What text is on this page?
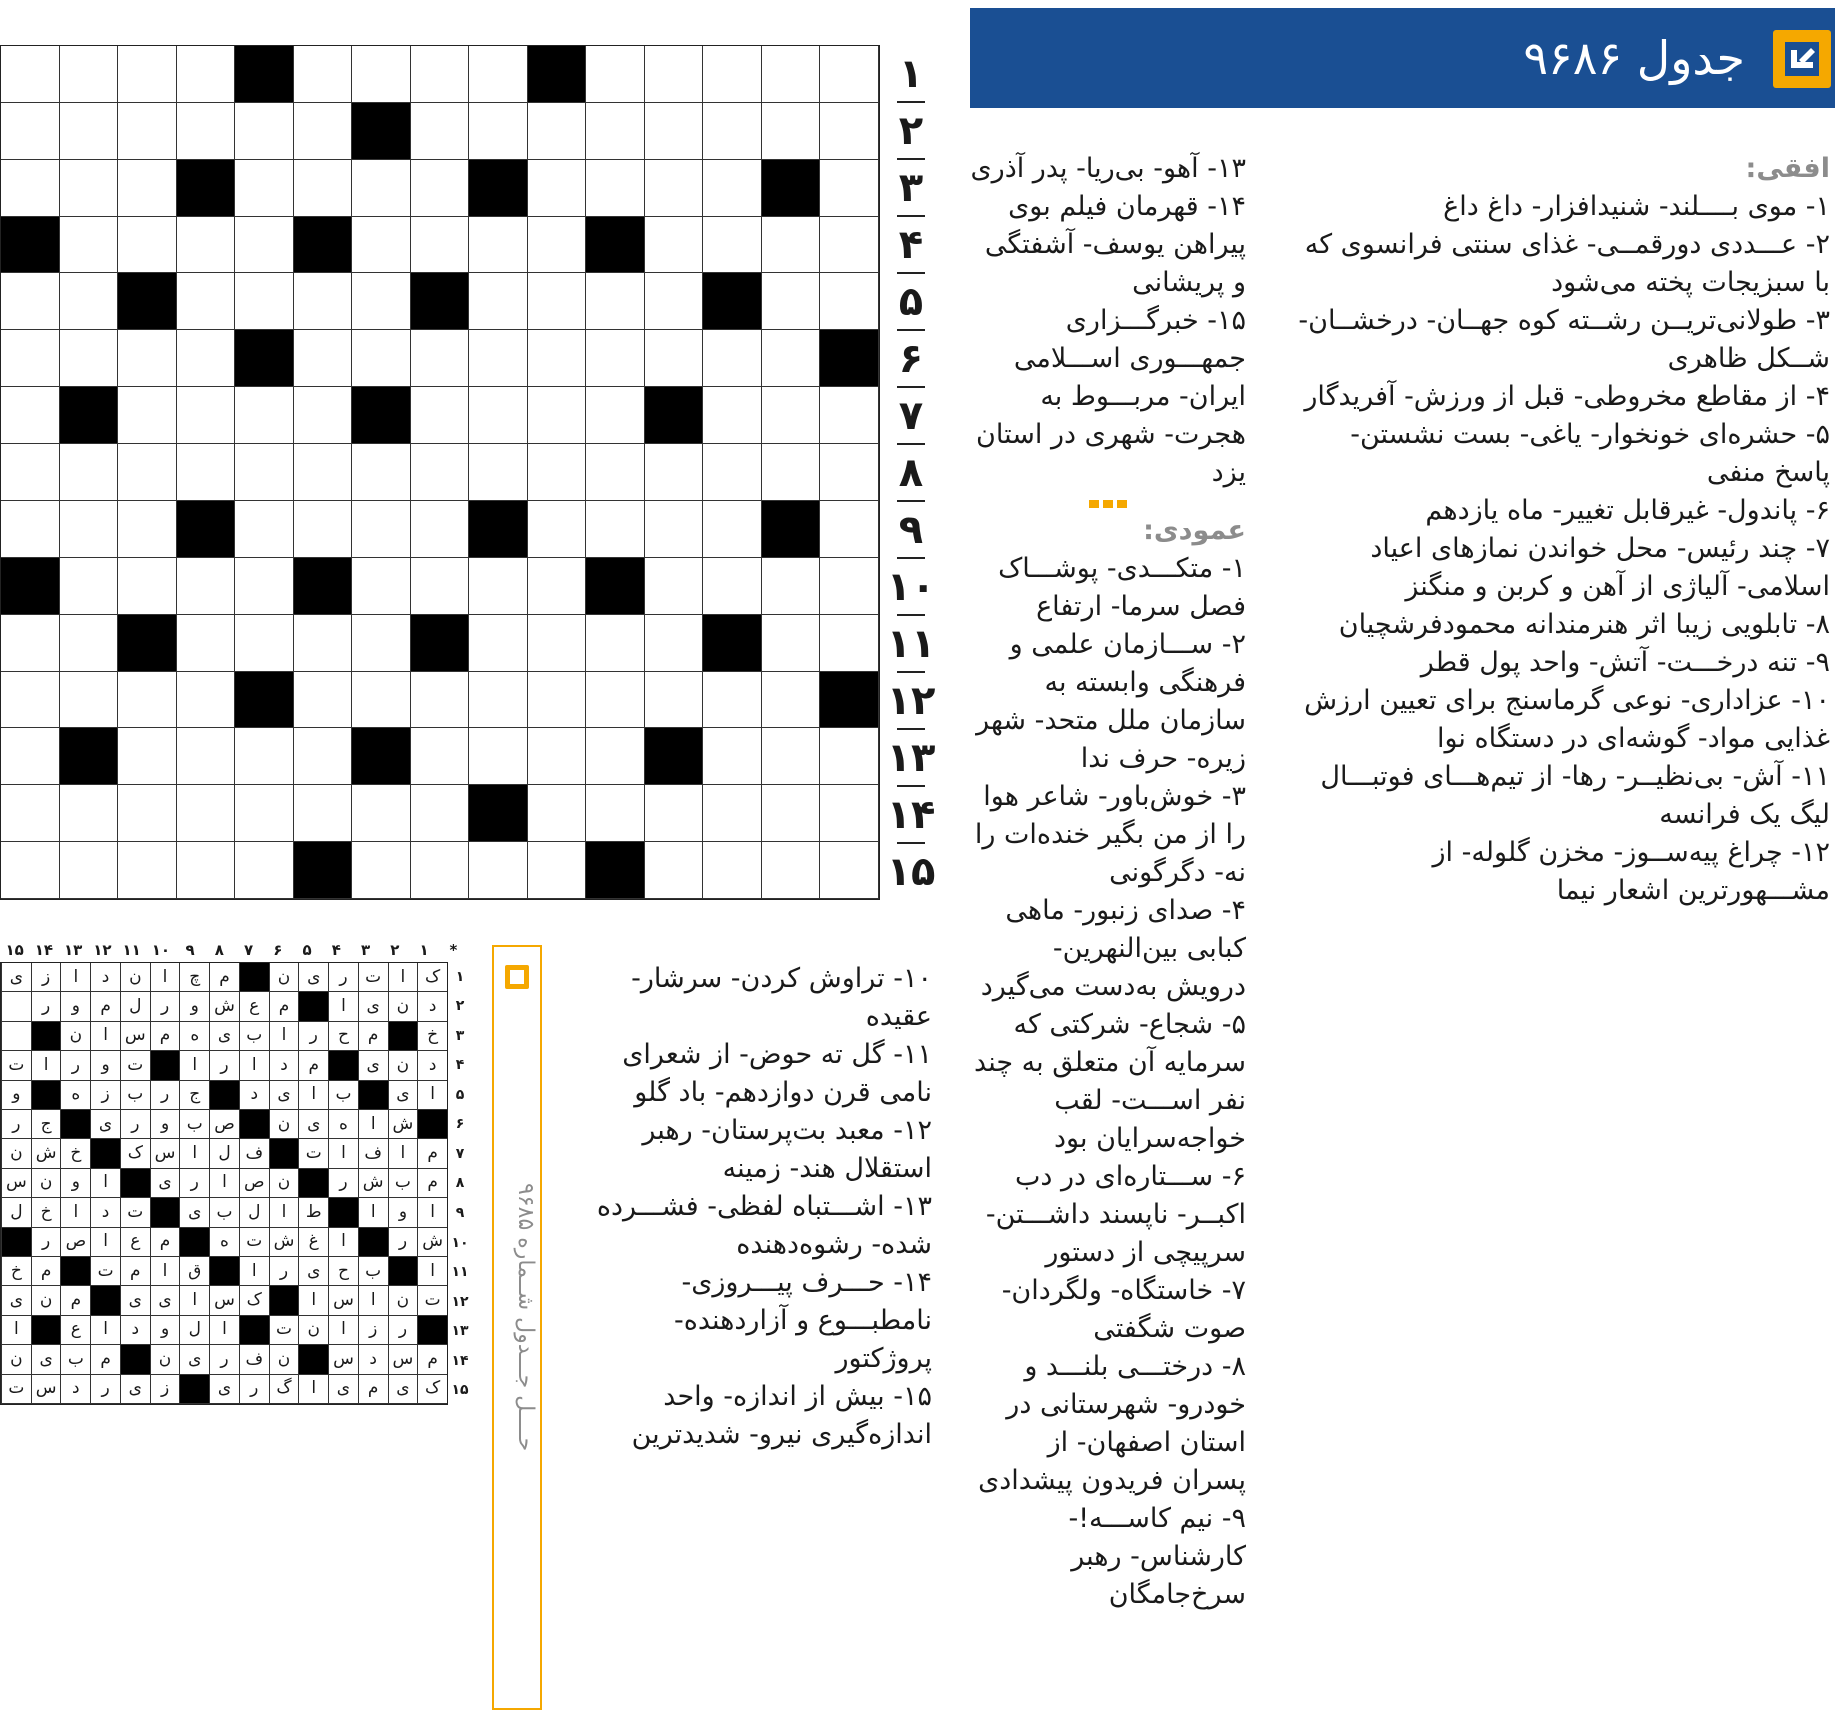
۱
۲
۳
۴
۵
۶
۷
۸
۹
۱۰
۱۱
۱۲
۱۳
۱۴
۱۵
جدول ۹۶۸۶
افقی:
۱- موی بــــلند- شنیدافزار- داغ داغ
۲- عـــددی دورقمــی- غذای سنتی فرانسوی که با سبزیجات پخته می‌شود
۳- طولانی‌تریــن رشــته کوه جهــان- درخشــان- شــکل ظاهری
۴- از مقاطع مخروطی- قبل از ورزش- آفریدگار
۵- حشره‌ای خونخوار- یاغی- بست نشستن- پاسخ منفی
۶- پاندول- غیرقابل تغییر- ماه یازدهم
۷- چند رئیس- محل خواندن نمازهای اعیاد اسلامی- آلیاژی از آهن و کربن و منگنز
۸- تابلویی زیبا اثر هنرمندانه محمودفرشچیان
۹- تنه درخـــت- آتش- واحد پول قطر
۱۰- عزاداری- نوعی گرماسنج برای تعیین ارزش غذایی مواد- گوشه‌ای در دستگاه نوا
۱۱- آش- بی‌نظیــر- رها- از تیم‌هـــای فوتبـــال لیگ یک فرانسه
۱۲- چراغ پیه‌ســوز- مخزن گلوله- از مشـــهورترین اشعار نیما
۱۳- آهو- بی‌ریا- پدر آذری
۱۴- قهرمان فیلم بوی پیراهن یوسف- آشفتگی و پریشانی
۱۵- خبرگـــزاری جمهـــوری اســـلامی ایران- مربـــوط به هجرت- شهری در استان یزد
عمودی:
۱- متکـــدی- پوشـــاک فصل سرما- ارتفاع
۲- ســـازمان علمی و فرهنگی وابسته به سازمان ملل متحد- شهر زیره- حرف ندا
۳- خوش‌باور- شاعر هوا را از من بگیر خنده‌ات را نه- دگرگونی
۴- صدای زنبور- ماهی کبابی بین‌النهرین- درویش به‌دست می‌گیرد
۵- شجاع- شرکتی که سرمایه آن متعلق به چند نفر اســـت- لقب خواجه‌سرایان بود
۶- ســـتاره‌ای در دب اکبــر- ناپسند داشـــتن- سرپیچی از دستور
۷- خاستگاه- ولگردان- صوت شگفتی
۸- درختـــی بلنـــد و خودرو- شهرستانی در استان اصفهان- از پسران فریدون پیشدادی
۹- نیم کاســـه!- کارشناس- رهبر سرخ‌جامگان
۱۰- تراوش کردن- سرشار- عقیده
۱۱- گل ته حوض- از شعرای نامی قرن دوازدهم- باد گلو
۱۲- معبد بت‌پرستان- رهبر استقلال هند- زمینه
۱۳- اشـــتباه لفظی- فشـــرده شده- رشوه‌دهنده
۱۴- حـــرف پیـــروزی- نامطبـــوع و آزاردهنده- پروژکتور
۱۵- بیش از اندازه- واحد اندازه‌گیری نیرو- شدیدترین
حــــل جـــدول شــماره ۹۶۸۵
*
۱
۲
۳
۴
۵
۶
۷
۸
۹
۱۰
۱۱
۱۲
۱۳
۱۴
۱۵
ک
ا
ت
ر
ی
ن
م
چ
ا
ن
د
ا
ز
ی
د
ن
ی
ا
م
ع
ش
و
ر
ل
م
و
ر
خ
م
ح
ر
ا
ب
ی
ه
م
س
ا
ن
د
ن
ی
م
د
ا
ر
ا
ت
و
ر
ا
ت
ا
ی
ب
ا
ی
د
ج
ر
ب
ز
ه
و
ش
ا
ه
ی
ن
ص
ب
و
ر
ی
ج
ر
م
ا
ف
ا
ت
ف
ل
ا
س
ک
خ
ش
ن
م
ب
ش
ر
ن
ص
ا
ر
ی
ا
و
ن
س
ا
و
ا
ط
ا
ل
ب
ی
ت
د
ا
خ
ل
ش
ر
ا
غ
ش
ت
ه
م
ع
ا
ص
ر
ا
ب
ح
ی
ر
ا
ق
ا
م
ت
م
خ
ت
ن
ا
س
ا
ک
س
ا
ی
ی
م
ن
ی
ر
ز
ا
ن
ت
ا
ل
و
د
ا
ع
ا
م
س
د
س
ن
ف
ر
ی
ن
م
ب
ی
ن
ک
ی
م
ی
ا
گ
ر
ی
ز
ی
ر
د
س
ت
۱
۲
۳
۴
۵
۶
۷
۸
۹
۱۰
۱۱
۱۲
۱۳
۱۴
۱۵
